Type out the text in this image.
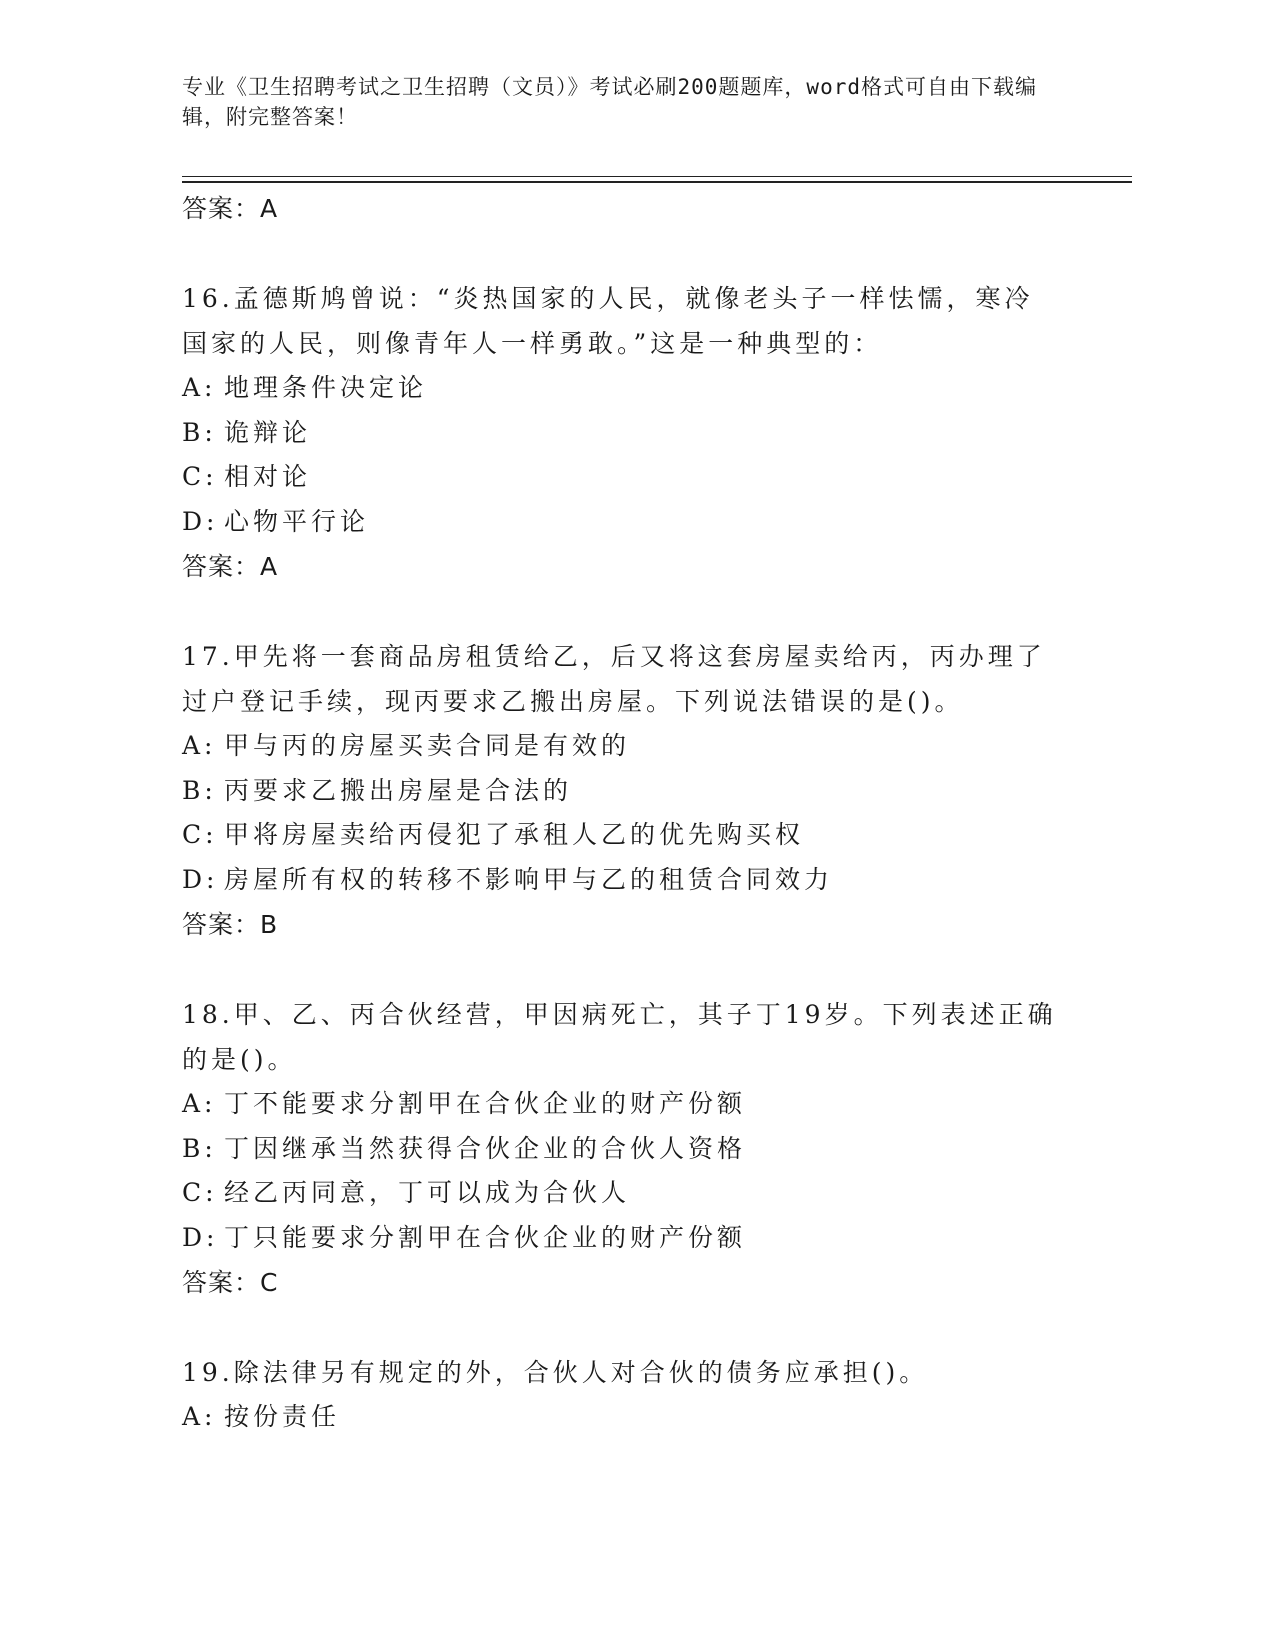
专业《卫生招聘考试之卫生招聘（文员）》考试必刷200题题库，word格式可自由下载编辑，附完整答案！
答案：A
16.孟德斯鸠曾说：“炎热国家的人民，就像老头子一样怯懦，寒冷国家的人民，则像青年人一样勇敢。”这是一种典型的：
A: 地理条件决定论
B: 诡辩论
C: 相对论
D: 心物平行论
答案：A
17.甲先将一套商品房租赁给乙，后又将这套房屋卖给丙，丙办理了过户登记手续，现丙要求乙搬出房屋。下列说法错误的是()。
A: 甲与丙的房屋买卖合同是有效的
B: 丙要求乙搬出房屋是合法的
C: 甲将房屋卖给丙侵犯了承租人乙的优先购买权
D: 房屋所有权的转移不影响甲与乙的租赁合同效力
答案：B
18.甲、乙、丙合伙经营，甲因病死亡，其子丁19岁。下列表述正确的是()。
A: 丁不能要求分割甲在合伙企业的财产份额
B: 丁因继承当然获得合伙企业的合伙人资格
C: 经乙丙同意，丁可以成为合伙人
D: 丁只能要求分割甲在合伙企业的财产份额
答案：C
19.除法律另有规定的外，合伙人对合伙的债务应承担()。
A: 按份责任
